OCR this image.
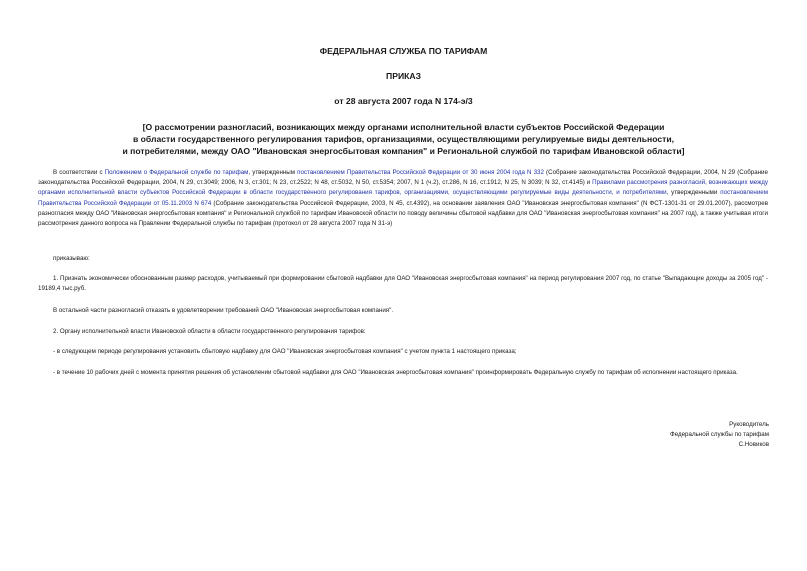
ФЕДЕРАЛЬНАЯ СЛУЖБА ПО ТАРИФАМ
ПРИКАЗ
от 28 августа 2007 года N 174-э/3
[О рассмотрении разногласий, возникающих между органами исполнительной власти субъектов Российской Федерации
в области государственного регулирования тарифов, организациями, осуществляющими регулируемые виды деятельности,
и потребителями, между ОАО "Ивановская энергосбытовая компания" и Региональной службой по тарифам Ивановской области]

В соответствии с Положением о Федеральной службе по тарифам, утвержденным постановлением Правительства Российской Федерации от 30 июня 2004 года N 332 (Собрание законодательства Российской Федерации, 2004, N 29 (Собрание законодательства Российской Федерации, 2004, N 29, ст.3049; 2006, N 3, ст.301; N 23, ст.2522; N 48, ст.5032, N 50, ст.5354; 2007, N 1 (ч.2), ст.286, N 16, ст.1912, N 25, N 3039; N 32, ст.4145) и Правилами рассмотрения разногласий, возникающих между органами исполнительной власти субъектов Российской Федерации в области государственного регулирования тарифов, организациями, осуществляющими регулируемые виды деятельности, и потребителями, утвержденными постановлением Правительства Российской Федерации от 05.11.2003 N 674 (Собрание законодательства Российской Федерации, 2003, N 45, ст.4392), на основании заявления ОАО "Ивановская энергосбытовая компания" (N ФСТ-1301-31 от 29.01.2007), рассмотрев разногласия между ОАО "Ивановская энергосбытовая компания" и Региональной службой по тарифам Ивановской области по поводу величины сбытовой надбавки для ОАО "Ивановская энергосбытовая компания" на 2007 год), а также учитывая итоги рассмотрения данного вопроса на Правлении Федеральной службы по тарифам (протокол от 28 августа 2007 года N 31-э)

приказываю:

1. Признать экономически обоснованным размер расходов, учитываемый при формировании сбытовой надбавки для ОАО "Ивановская энергосбытовая компания" на период регулирования 2007 год, по статье "Выпадающие доходы за 2005 год" - 19189,4 тыс.руб.

В остальной части разногласий отказать в удовлетворении требований ОАО "Ивановская энергосбытовая компания".

2. Органу исполнительной власти Ивановской области в области государственного регулирования тарифов:

- в следующем периоде регулирования установить сбытовую надбавку для ОАО "Ивановская энергосбытовая компания" с учетом пункта 1 настоящего приказа;

- в течение 10 рабочих дней с момента принятия решения об установлении сбытовой надбавки для ОАО "Ивановская энергосбытовая компания" проинформировать Федеральную службу по тарифам об исполнении настоящего приказа.

Руководитель
Федеральной службы по тарифам
С.Новиков
